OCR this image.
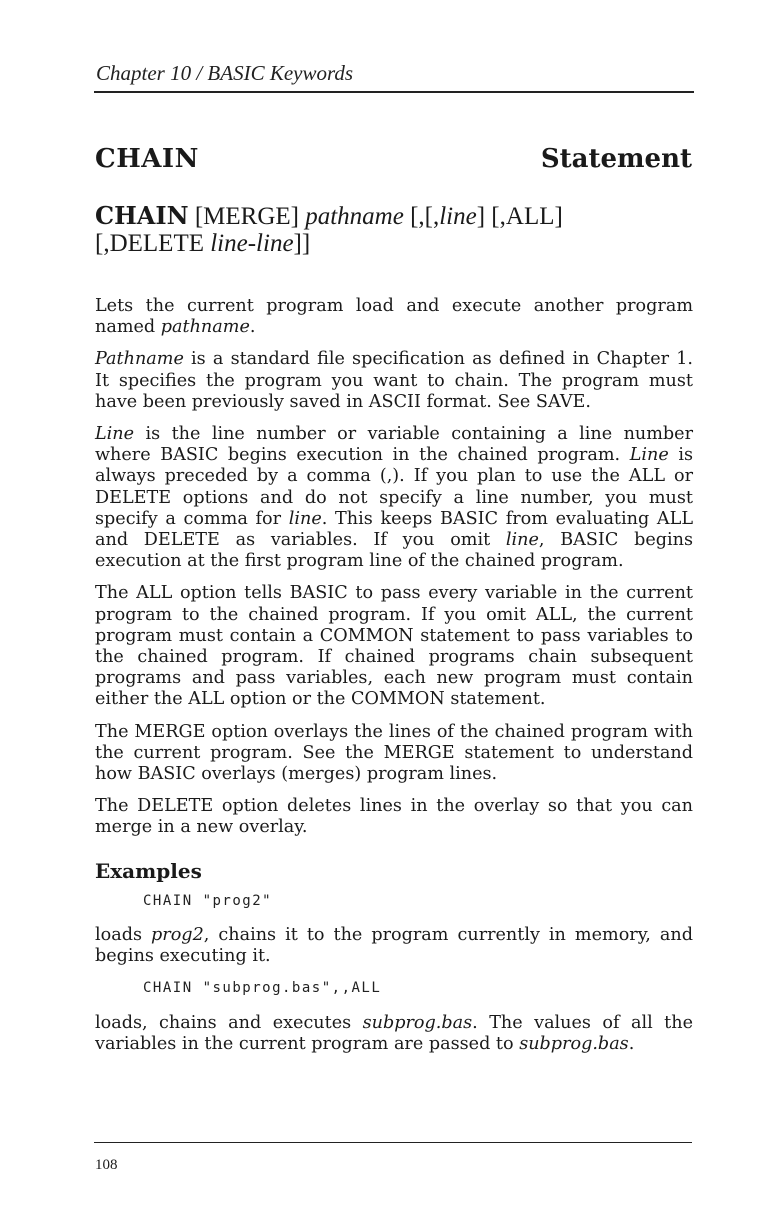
Chapter 10 / BASIC Keywords
CHAIN	Statement
CHAIN [MERGE] pathname [,[,line] [,ALL]
[,DELETE line-line]]

Lets the current program load and execute another program named pathname.

Pathname is a standard file specification as defined in Chapter 1. It specifies the program you want to chain. The program must have been previously saved in ASCII format. See SAVE.

Line is the line number or variable containing a line number where BASIC begins execution in the chained program. Line is always preceded by a comma (,). If you plan to use the ALL or DELETE options and do not specify a line number, you must specify a comma for line. This keeps BASIC from evaluating ALL and DELETE as variables. If you omit line, BASIC begins execution at the first program line of the chained program.

The ALL option tells BASIC to pass every variable in the current program to the chained program. If you omit ALL, the current program must contain a COMMON statement to pass variables to the chained program. If chained programs chain subsequent programs and pass variables, each new program must contain either the ALL option or the COMMON statement.

The MERGE option overlays the lines of the chained program with the current program. See the MERGE statement to understand how BASIC overlays (merges) program lines.

The DELETE option deletes lines in the overlay so that you can merge in a new overlay.

Examples
CHAIN "prog2"

loads prog2, chains it to the program currently in memory, and begins executing it.

CHAIN "subprog.bas",,ALL

loads, chains and executes subprog.bas. The values of all the variables in the current program are passed to subprog.bas.

108
